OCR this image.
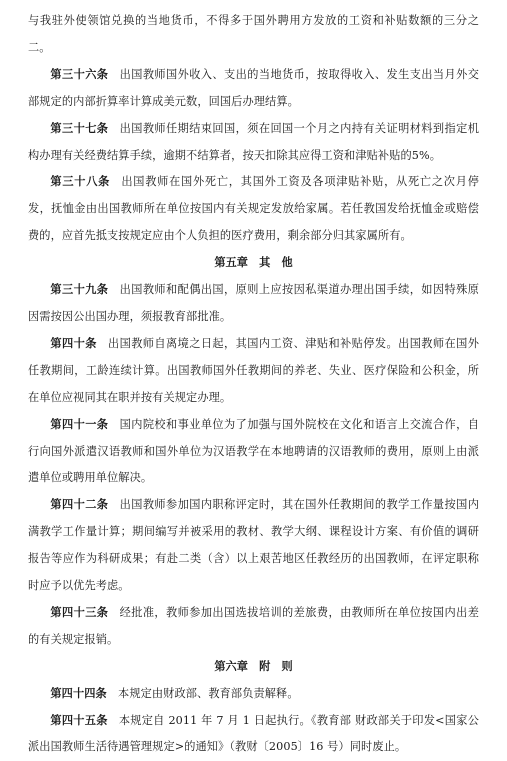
与我驻外使领馆兑换的当地货币，不得多于国外聘用方发放的工资和补贴数额的三分之二。

第三十六条 出国教师国外收入、支出的当地货币，按取得收入、发生支出当月外交部规定的内部折算率计算成美元数，回国后办理结算。

第三十七条 出国教师任期结束回国，须在回国一个月之内持有关证明材料到指定机构办理有关经费结算手续，逾期不结算者，按天扣除其应得工资和津贴补贴的5%。

第三十八条 出国教师在国外死亡，其国外工资及各项津贴补贴，从死亡之次月停发，抚恤金由出国教师所在单位按国内有关规定发放给家属。若任教国发给抚恤金或赔偿费的，应首先抵支按规定应由个人负担的医疗费用，剩余部分归其家属所有。

第五章　其　他

第三十九条 出国教师和配偶出国，原则上应按因私渠道办理出国手续，如因特殊原因需按因公出国办理，须报教育部批准。

第四十条 出国教师自离境之日起，其国内工资、津贴和补贴停发。出国教师在国外任教期间，工龄连续计算。出国教师国外任教期间的养老、失业、医疗保险和公积金，所在单位应视同其在职并按有关规定办理。

第四十一条 国内院校和事业单位为了加强与国外院校在文化和语言上交流合作，自行向国外派遣汉语教师和国外单位为汉语教学在本地聘请的汉语教师的费用，原则上由派遣单位或聘用单位解决。

第四十二条 出国教师参加国内职称评定时，其在国外任教期间的教学工作量按国内满教学工作量计算；期间编写并被采用的教材、教学大纲、课程设计方案、有价值的调研报告等应作为科研成果；有赴二类（含）以上艰苦地区任教经历的出国教师，在评定职称时应予以优先考虑。

第四十三条 经批准，教师参加出国选拔培训的差旅费，由教师所在单位按国内出差的有关规定报销。

第六章　附　则

第四十四条 本规定由财政部、教育部负责解释。

第四十五条 本规定自 2011 年 7 月 1 日起执行。《教育部 财政部关于印发<国家公派出国教师生活待遇管理规定>的通知》（教财〔2005〕16 号）同时废止。
